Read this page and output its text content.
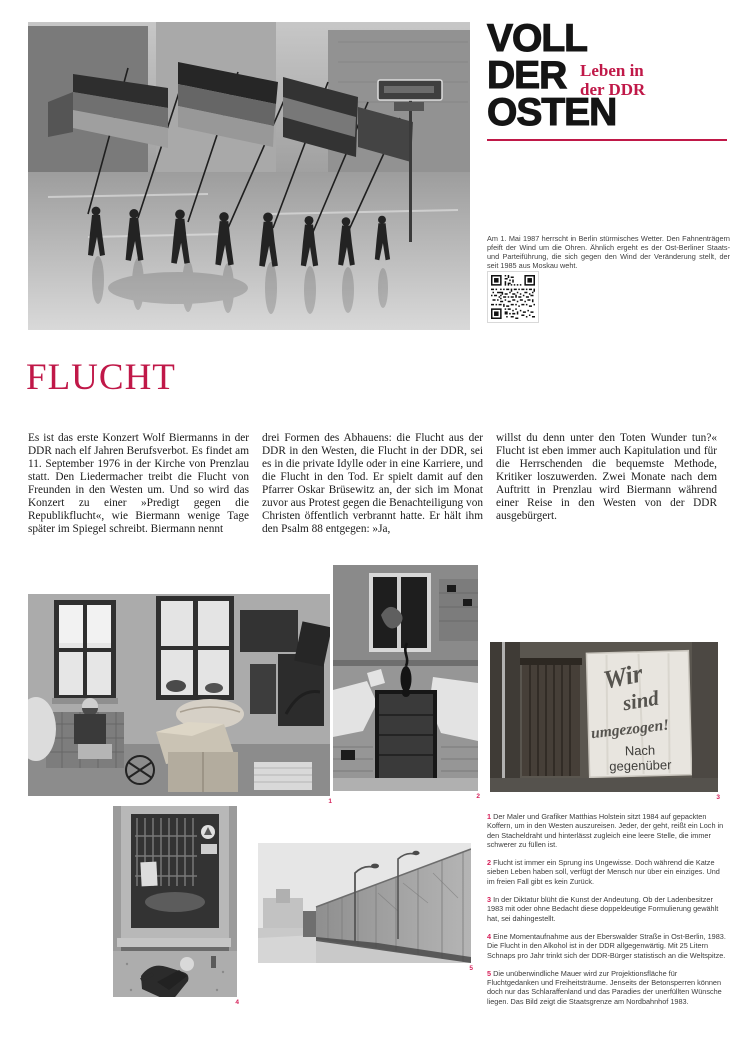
VOLL
DER
OSTEN
Leben in
der DDR

Am 1. Mai 1987 herrscht in Berlin stürmisches Wetter. Den Fahnenträgern pfeift der Wind um die Ohren. Ähnlich ergeht es der Ost-Berliner Staats- und Parteiführung, die sich gegen den Wind der Veränderung stellt, der seit 1985 aus Moskau weht.

FLUCHT

Es ist das erste Konzert Wolf Biermanns in der DDR nach elf Jahren Berufsverbot. Es findet am 11. September 1976 in der Kirche von Prenzlau statt. Den Liedermacher treibt die Flucht von Freunden in den Westen um. Und so wird das Konzert zu einer »Predigt gegen die Republikflucht«, wie Biermann wenige Tage später im Spiegel schreibt. Biermann nennt

drei Formen des Abhauens: die Flucht aus der DDR in den Westen, die Flucht in der DDR, sei es in die private Idylle oder in eine Karriere, und die Flucht in den Tod. Er spielt damit auf den Pfarrer Oskar Brüsewitz an, der sich im Monat zuvor aus Protest gegen die Benachteiligung von Christen öffentlich verbrannt hatte. Er hält ihm den Psalm 88 entgegen: »Ja,

willst du denn unter den Toten Wunder tun?« Flucht ist eben immer auch Kapitulation und für die Herrschenden die bequemste Methode, Kritiker loszuwerden. Zwei Monate nach dem Auftritt in Prenzlau wird Biermann während einer Reise in den Westen von der DDR ausgebürgert.

1
2
Wir
sind
umgezogen!
Nach
gegenüber
3
4
5

1 Der Maler und Grafiker Matthias Holstein sitzt 1984 auf gepackten Koffern, um in den Westen auszureisen. Jeder, der geht, reißt ein Loch in den Stacheldraht und hinterlässt zugleich eine leere Stelle, die immer schwerer zu füllen ist.

2 Flucht ist immer ein Sprung ins Ungewisse. Doch während die Katze sieben Leben haben soll, verfügt der Mensch nur über ein einziges. Und im freien Fall gibt es kein Zurück.

3 In der Diktatur blüht die Kunst der Andeutung. Ob der Ladenbesitzer 1983 mit oder ohne Bedacht diese doppeldeutige Formulierung gewählt hat, sei dahingestellt.

4 Eine Momentaufnahme aus der Eberswalder Straße in Ost-Berlin, 1983. Die Flucht in den Alkohol ist in der DDR allgegenwärtig. Mit 25 Litern Schnaps pro Jahr trinkt sich der DDR-Bürger statistisch an die Weltspitze.

5 Die unüberwindliche Mauer wird zur Projektionsfläche für Fluchtgedanken und Freiheitsträume. Jenseits der Betonsperren können doch nur das Schlaraffenland und das Paradies der unerfüllten Wünsche liegen. Das Bild zeigt die Staatsgrenze am Nordbahnhof 1983.
